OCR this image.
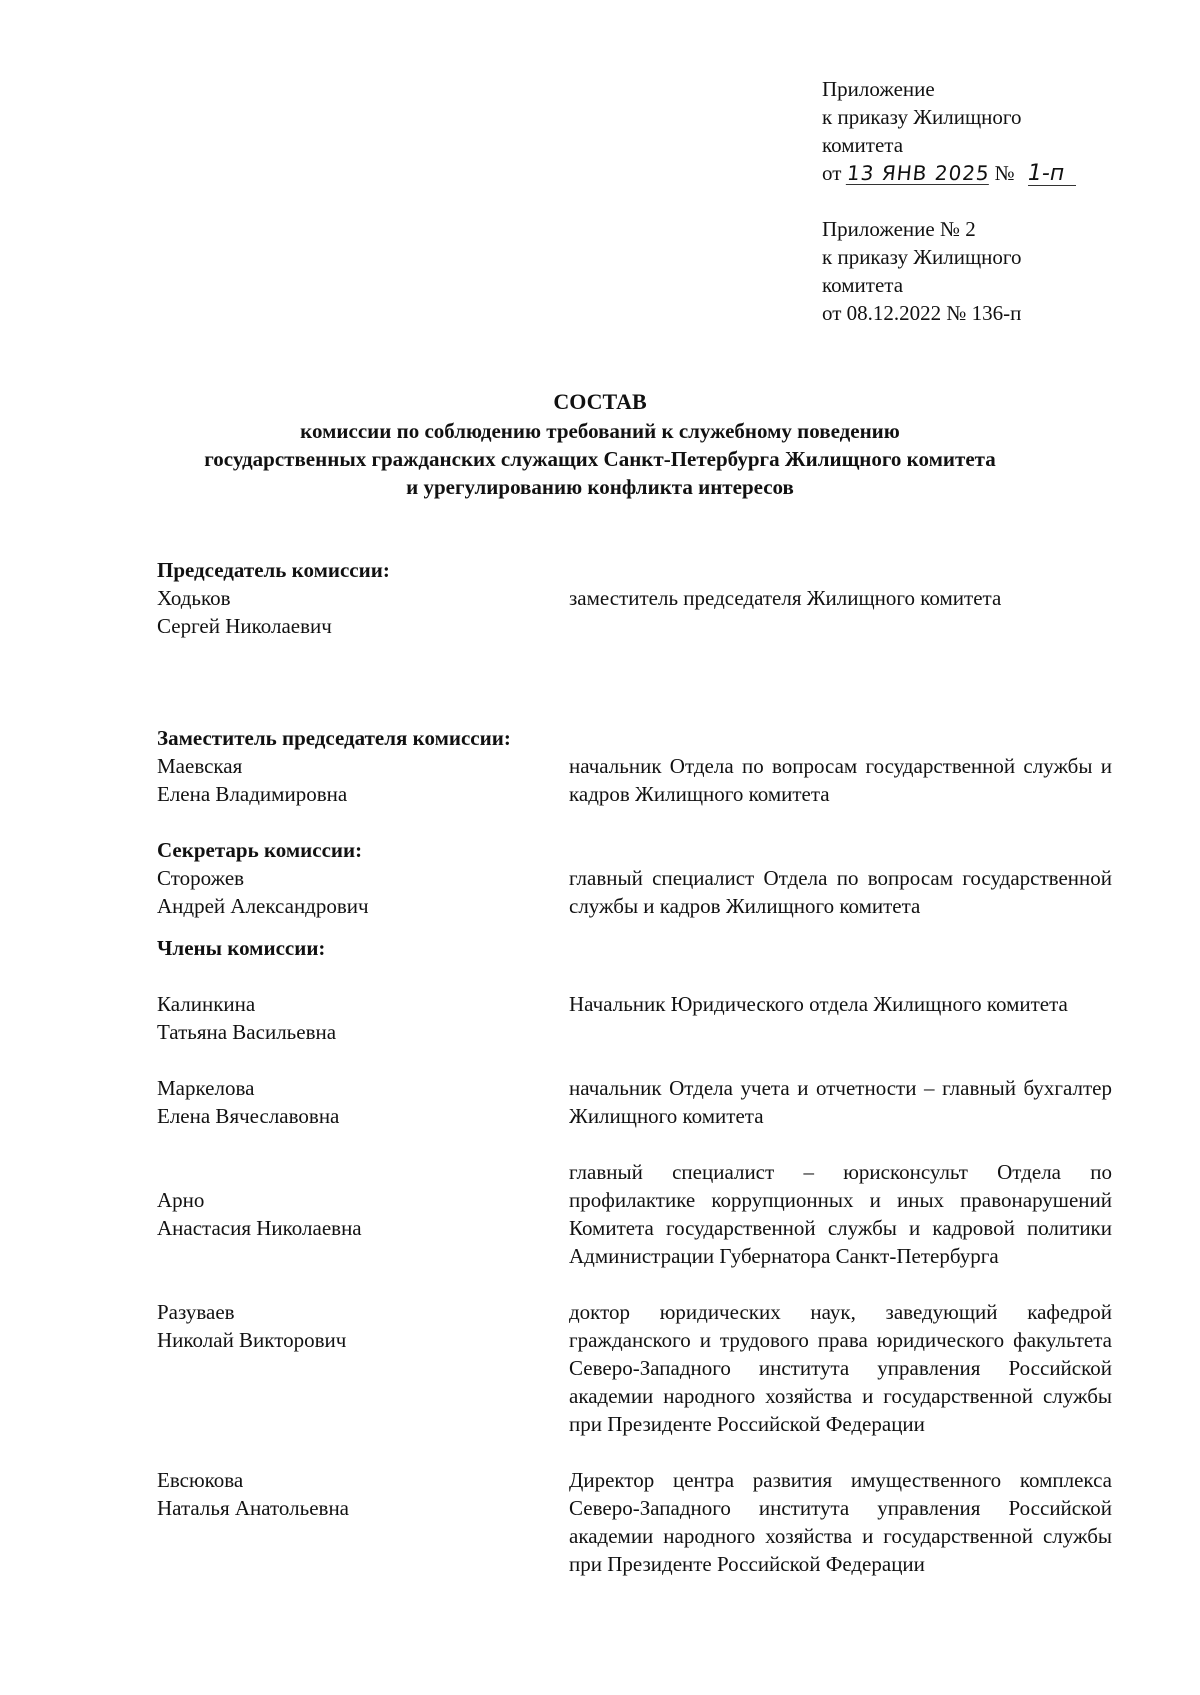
Приложение
к приказу Жилищного
комитета
от 13 ЯНВ 2025 № 1-п
Приложение № 2
к приказу Жилищного
комитета
от 08.12.2022 № 136-п
СОСТАВ
комиссии по соблюдению требований к служебному поведению
государственных гражданских служащих Санкт-Петербурга Жилищного комитета
и урегулированию конфликта интересов
Председатель комиссии:
Ходьков
Сергей Николаевич
заместитель председателя Жилищного комитета
Заместитель председателя комиссии:
Маевская
Елена Владимировна
начальник Отдела по вопросам государственной службы и кадров Жилищного комитета
Секретарь комиссии:
Сторожев
Андрей Александрович
главный специалист Отдела по вопросам государственной службы и кадров Жилищного комитета
Члены комиссии:
Калинкина
Татьяна Васильевна
Начальник Юридического отдела Жилищного комитета
Маркелова
Елена Вячеславовна
начальник Отдела учета и отчетности – главный бухгалтер Жилищного комитета
Арно
Анастасия Николаевна
главный специалист – юрисконсульт Отдела по профилактике коррупционных и иных правонарушений Комитета государственной службы и кадровой политики Администрации Губернатора Санкт-Петербурга
Разуваев
Николай Викторович
доктор юридических наук, заведующий кафедрой гражданского и трудового права юридического факультета Северо-Западного института управления Российской академии народного хозяйства и государственной службы при Президенте Российской Федерации
Евсюкова
Наталья Анатольевна
Директор центра развития имущественного комплекса Северо-Западного института управления Российской академии народного хозяйства и государственной службы при Президенте Российской Федерации
